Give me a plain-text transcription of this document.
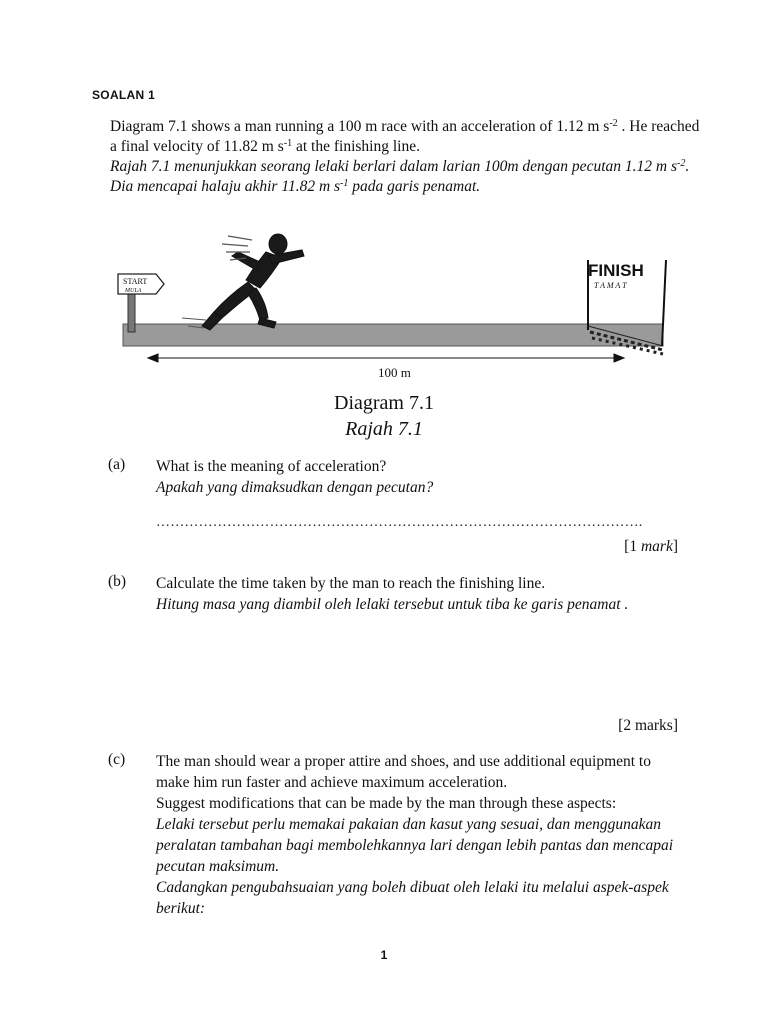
SOALAN 1
Diagram 7.1 shows a man running a 100 m race with an acceleration of 1.12 m $s^{-2}$ . He reached a final velocity of 11.82 m $s^{-1}$ at the finishing line.
Rajah 7.1 menunjukkan seorang lelaki berlari dalam larian 100m dengan pecutan 1.12 m $s^{-2}$. Dia mencapai halaju akhir 11.82 m $s^{-1}$ pada garis penamat.
START
MULA
FINISH
T A M A T
100 m
Diagram 7.1
Rajah 7.1
(a) What is the meaning of acceleration?
Apakah yang dimaksudkan dengan pecutan?
………………………………………………………………………………………….
[1 mark]
(b) Calculate the time taken by the man to reach the finishing line.
Hitung masa yang diambil oleh lelaki tersebut untuk tiba ke garis penamat .
[2 marks]
(c) The man should wear a proper attire and shoes, and use additional equipment to make him run faster and achieve maximum acceleration.
Suggest modifications that can be made by the man through these aspects:
Lelaki tersebut perlu memakai pakaian dan kasut yang sesuai, dan menggunakan peralatan tambahan bagi membolehkannya lari dengan lebih pantas dan mencapai pecutan maksimum.
Cadangkan pengubahsuaian yang boleh dibuat oleh lelaki itu melalui aspek-aspek berikut:
1
